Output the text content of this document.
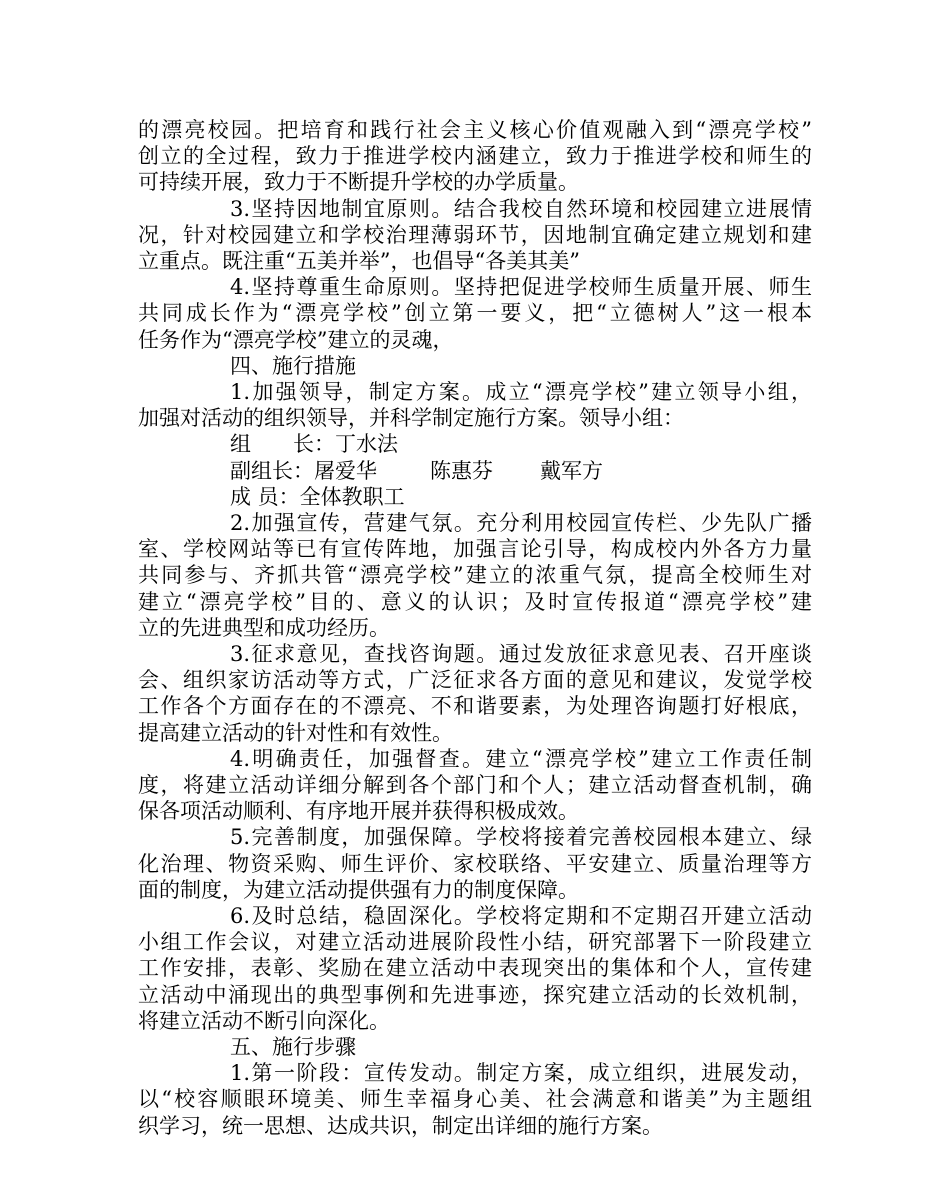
的漂亮校园。把培育和践行社会主义核心价值观融入到“漂亮学校”
创立的全过程，致力于推进学校内涵建立，致力于推进学校和师生的
可持续开展，致力于不断提升学校的办学质量。
3.坚持因地制宜原则。结合我校自然环境和校园建立进展情
况，针对校园建立和学校治理薄弱环节，因地制宜确定建立规划和建
立重点。既注重“五美并举”，也倡导“各美其美”
4.坚持尊重生命原则。坚持把促进学校师生质量开展、师生
共同成长作为“漂亮学校”创立第一要义，把“立德树人”这一根本
任务作为“漂亮学校”建立的灵魂，
四、施行措施
1.加强领导，制定方案。成立“漂亮学校”建立领导小组，
加强对活动的组织领导，并科学制定施行方案。领导小组：
组　　长：丁水法
副组长：屠爱华	陈惠芬 戴军方
成 员：全体教职工
2.加强宣传，营建气氛。充分利用校园宣传栏、少先队广播
室、学校网站等已有宣传阵地，加强言论引导，构成校内外各方力量
共同参与、齐抓共管“漂亮学校”建立的浓重气氛，提高全校师生对
建立“漂亮学校”目的、意义的认识；及时宣传报道“漂亮学校”建
立的先进典型和成功经历。
3.征求意见，查找咨询题。通过发放征求意见表、召开座谈
会、组织家访活动等方式，广泛征求各方面的意见和建议，发觉学校
工作各个方面存在的不漂亮、不和谐要素，为处理咨询题打好根底，
提高建立活动的针对性和有效性。
4.明确责任，加强督查。建立“漂亮学校”建立工作责任制
度，将建立活动详细分解到各个部门和个人；建立活动督查机制，确
保各项活动顺利、有序地开展并获得积极成效。
5.完善制度，加强保障。学校将接着完善校园根本建立、绿
化治理、物资采购、师生评价、家校联络、平安建立、质量治理等方
面的制度，为建立活动提供强有力的制度保障。
6.及时总结，稳固深化。学校将定期和不定期召开建立活动
小组工作会议，对建立活动进展阶段性小结，研究部署下一阶段建立
工作安排，表彰、奖励在建立活动中表现突出的集体和个人，宣传建
立活动中涌现出的典型事例和先进事迹，探究建立活动的长效机制，
将建立活动不断引向深化。
五、施行步骤
1.第一阶段：宣传发动。制定方案，成立组织，进展发动，
以“校容顺眼环境美、师生幸福身心美、社会满意和谐美”为主题组
织学习，统一思想、达成共识，制定出详细的施行方案。
